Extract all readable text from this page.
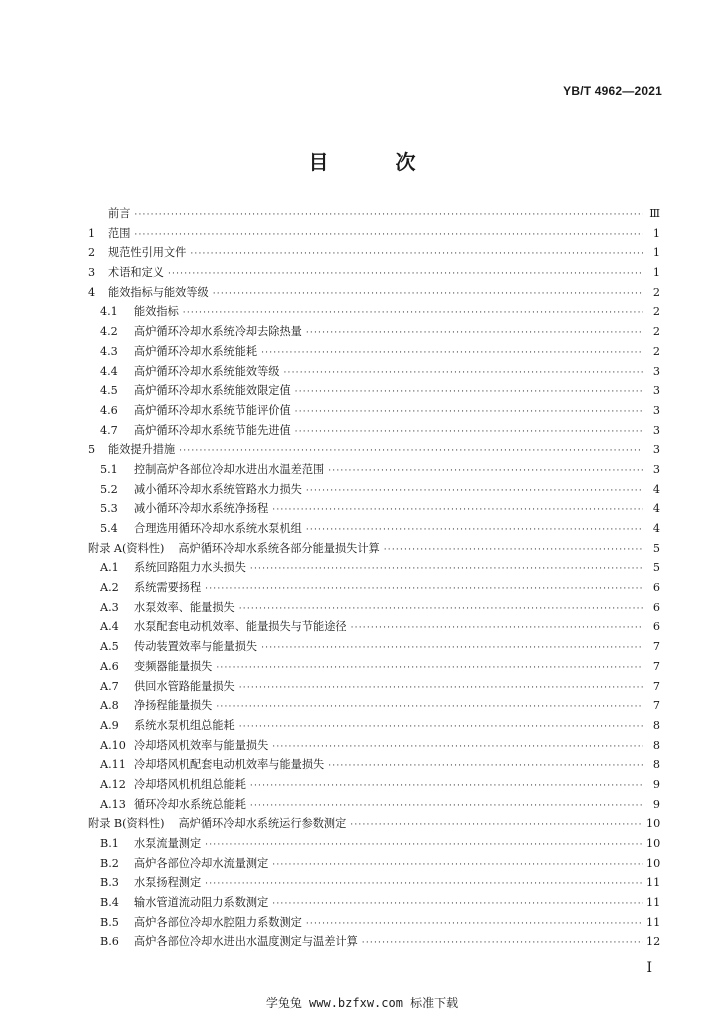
YB/T 4962—2021
目 次
前言 ·····	Ⅲ
1	范围 ·····	1
2	规范性引用文件 ·····	1
3	术语和定义 ·····	1
4	能效指标与能效等级 ·····	2
4.1	能效指标 ·····	2
4.2	高炉循环冷却水系统冷却去除热量 ·····	2
4.3	高炉循环冷却水系统能耗 ·····	2
4.4	高炉循环冷却水系统能效等级 ·····	3
4.5	高炉循环冷却水系统能效限定值 ·····	3
4.6	高炉循环冷却水系统节能评价值 ·····	3
4.7	高炉循环冷却水系统节能先进值 ·····	3
5	能效提升措施 ·····	3
5.1	控制高炉各部位冷却水进出水温差范围 ·····	3
5.2	减小循环冷却水系统管路水力损失 ·····	4
5.3	减小循环冷却水系统净扬程 ·····	4
5.4	合理选用循环冷却水系统水泵机组 ·····	4
附录 A(资料性) 高炉循环冷却水系统各部分能量损失计算 ·····	5
A.1	系统回路阻力水头损失 ·····	5
A.2	系统需要扬程 ·····	6
A.3	水泵效率、能量损失 ·····	6
A.4	水泵配套电动机效率、能量损失与节能途径 ·····	6
A.5	传动装置效率与能量损失 ·····	7
A.6	变频器能量损失 ·····	7
A.7	供回水管路能量损失 ·····	7
A.8	净扬程能量损失 ·····	7
A.9	系统水泵机组总能耗 ·····	8
A.10 冷却塔风机效率与能量损失 ·····	8
A.11 冷却塔风机配套电动机效率与能量损失 ·····	8
A.12 冷却塔风机机组总能耗 ·····	9
A.13 循环冷却水系统总能耗 ·····	9
附录 B(资料性) 高炉循环冷却水系统运行参数测定 ·····	10
B.1	水泵流量测定 ·····	10
B.2	高炉各部位冷却水流量测定 ·····	10
B.3	水泵扬程测定 ·····	11
B.4	输水管道流动阻力系数测定 ·····	11
B.5	高炉各部位冷却水腔阻力系数测定 ·····	11
B.6	高炉各部位冷却水进出水温度测定与温差计算 ·····	12
Ⅰ
学兔兔 www.bzfxw.com 标准下载
